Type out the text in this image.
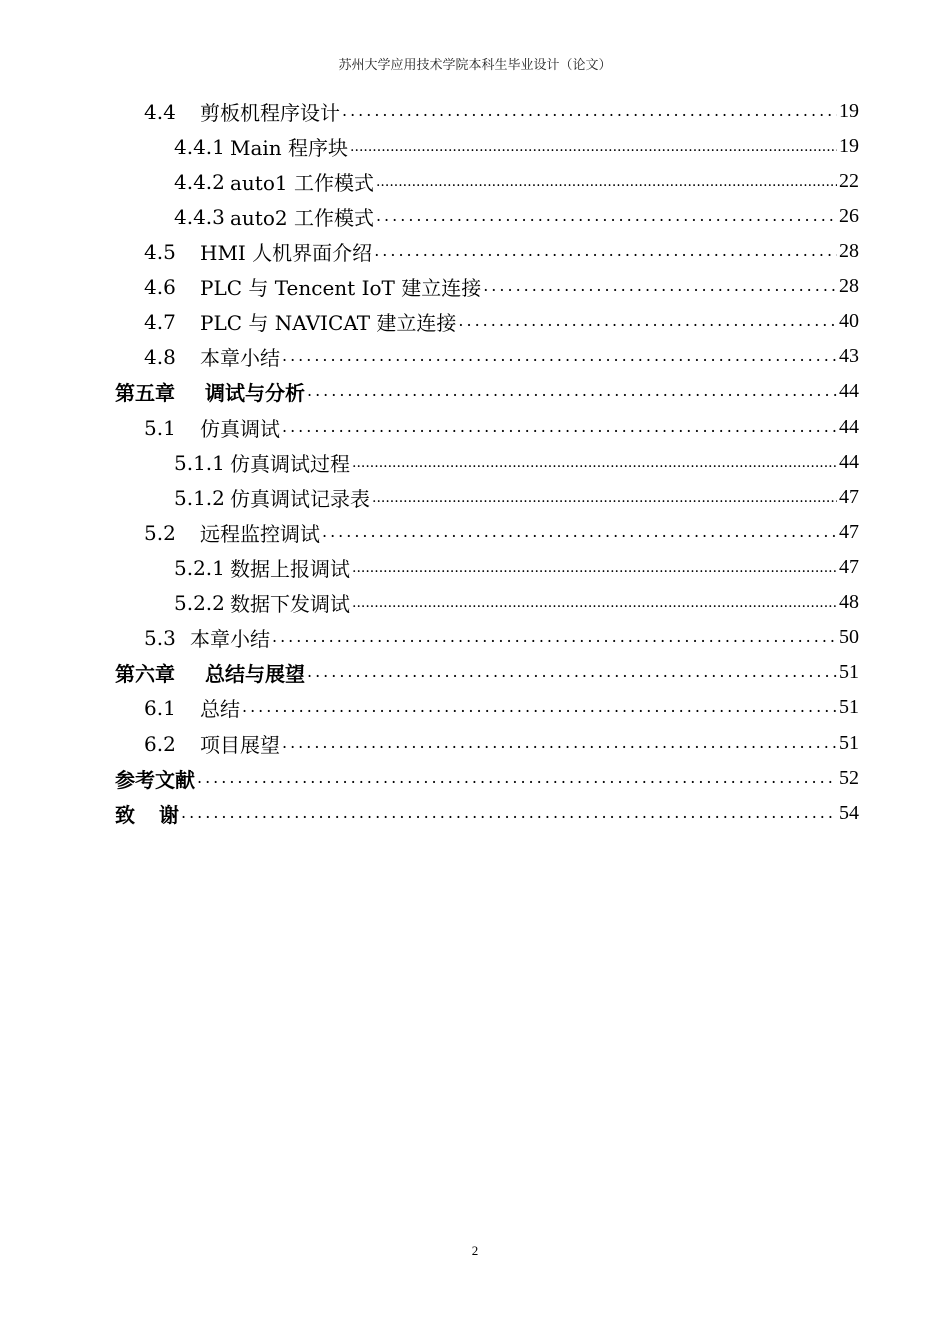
苏州大学应用技术学院本科生毕业设计（论文）
4.4	剪板机程序设计 .....	19
4.4.1 Main 程序块 .....	19
4.4.2 auto1 工作模式 .....	22
4.4.3 auto2 工作模式 .....	26
4.5	HMI 人机界面介绍 .....	28
4.6	PLC 与 Tencent IoT 建立连接 .....	28
4.7	PLC 与 NAVICAT 建立连接 .....	40
4.8	本章小结 .....	43
第五章	调试与分析 .....	44
5.1	仿真调试 .....	44
5.1.1 仿真调试过程 .....	44
5.1.2 仿真调试记录表 .....	47
5.2	远程监控调试 .....	47
5.2.1 数据上报调试 .....	47
5.2.2 数据下发调试 .....	48
5.3 本章小结 .....	50
第六章	总结与展望 .....	51
6.1	总结 .....	51
6.2	项目展望 .....	51
参考文献 .....	52
致	谢 .....	54
2
